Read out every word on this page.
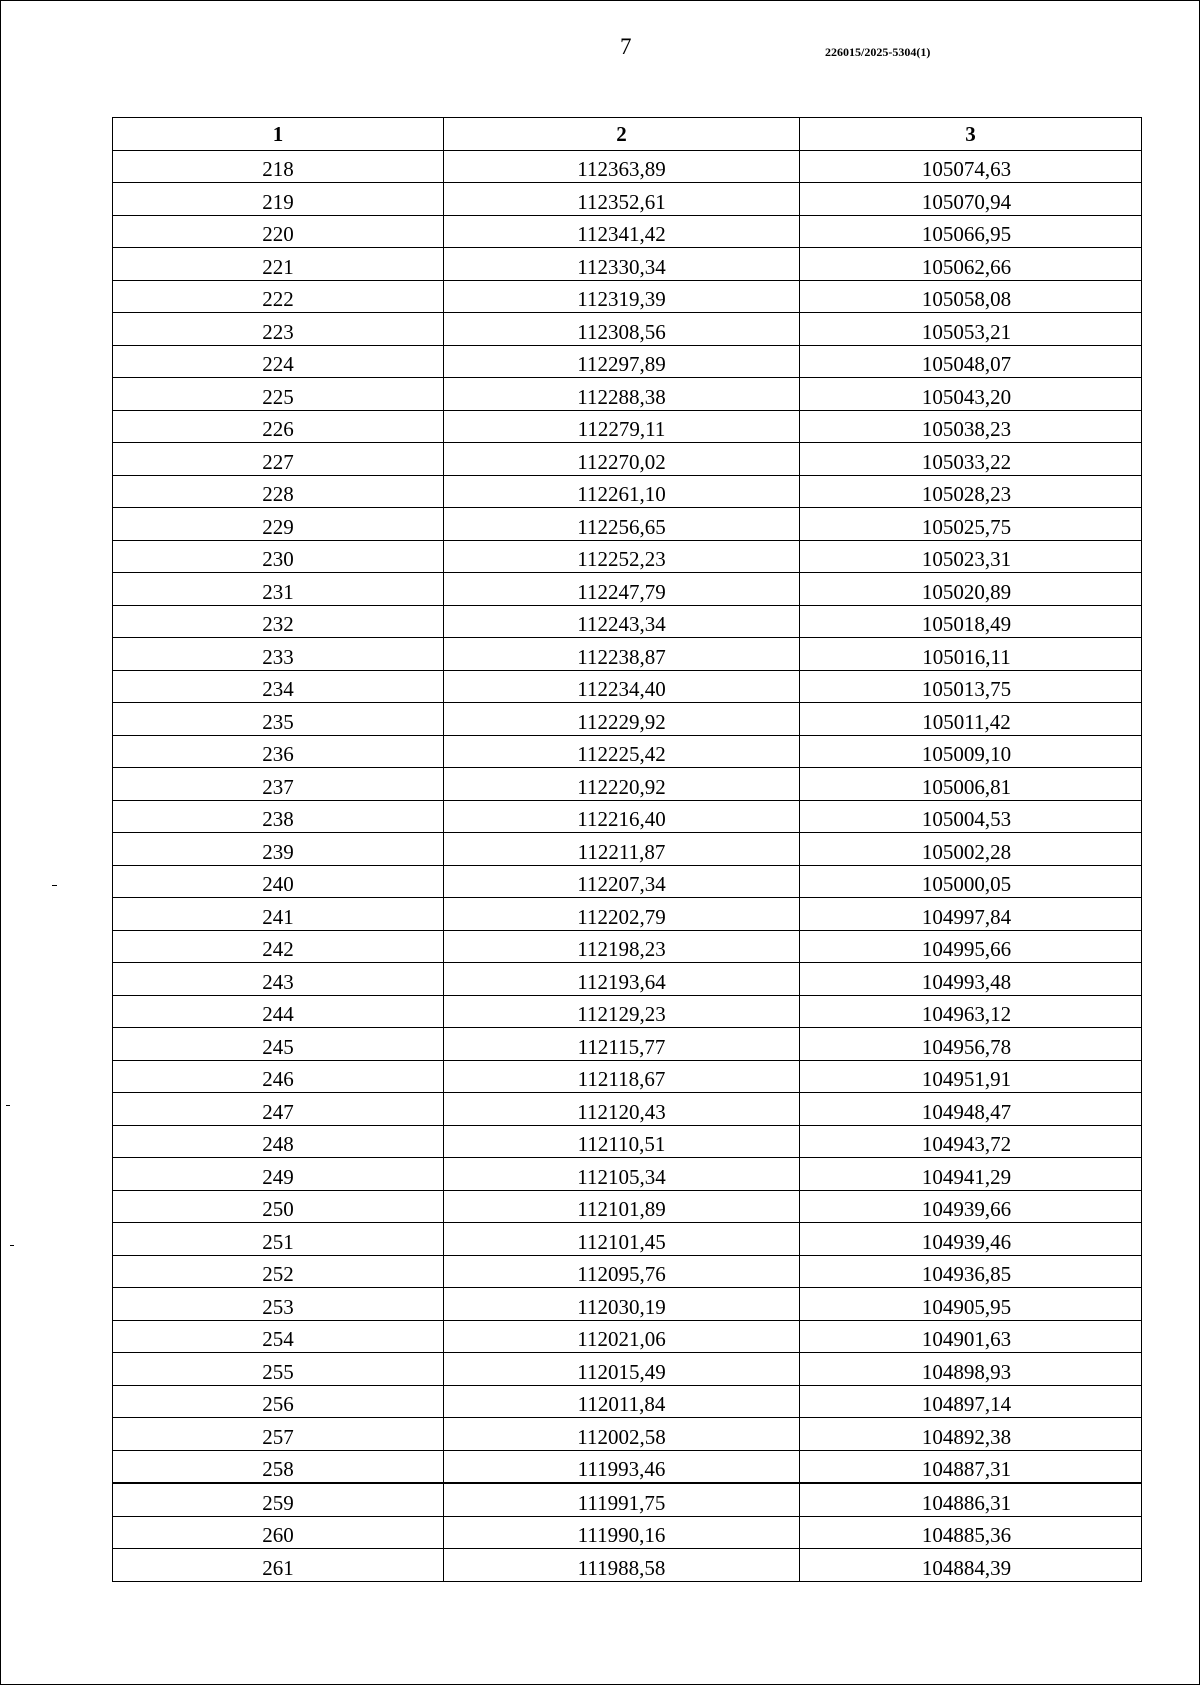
7	226015/2025-5304(1)
1	2	3
218	112363,89	105074,63
219	112352,61	105070,94
220	112341,42	105066,95
221	112330,34	105062,66
222	112319,39	105058,08
223	112308,56	105053,21
224	112297,89	105048,07
225	112288,38	105043,20
226	112279,11	105038,23
227	112270,02	105033,22
228	112261,10	105028,23
229	112256,65	105025,75
230	112252,23	105023,31
231	112247,79	105020,89
232	112243,34	105018,49
233	112238,87	105016,11
234	112234,40	105013,75
235	112229,92	105011,42
236	112225,42	105009,10
237	112220,92	105006,81
238	112216,40	105004,53
239	112211,87	105002,28
240	112207,34	105000,05
241	112202,79	104997,84
242	112198,23	104995,66
243	112193,64	104993,48
244	112129,23	104963,12
245	112115,77	104956,78
246	112118,67	104951,91
247	112120,43	104948,47
248	112110,51	104943,72
249	112105,34	104941,29
250	112101,89	104939,66
251	112101,45	104939,46
252	112095,76	104936,85
253	112030,19	104905,95
254	112021,06	104901,63
255	112015,49	104898,93
256	112011,84	104897,14
257	112002,58	104892,38
258	111993,46	104887,31
259	111991,75	104886,31
260	111990,16	104885,36
261	111988,58	104884,39
